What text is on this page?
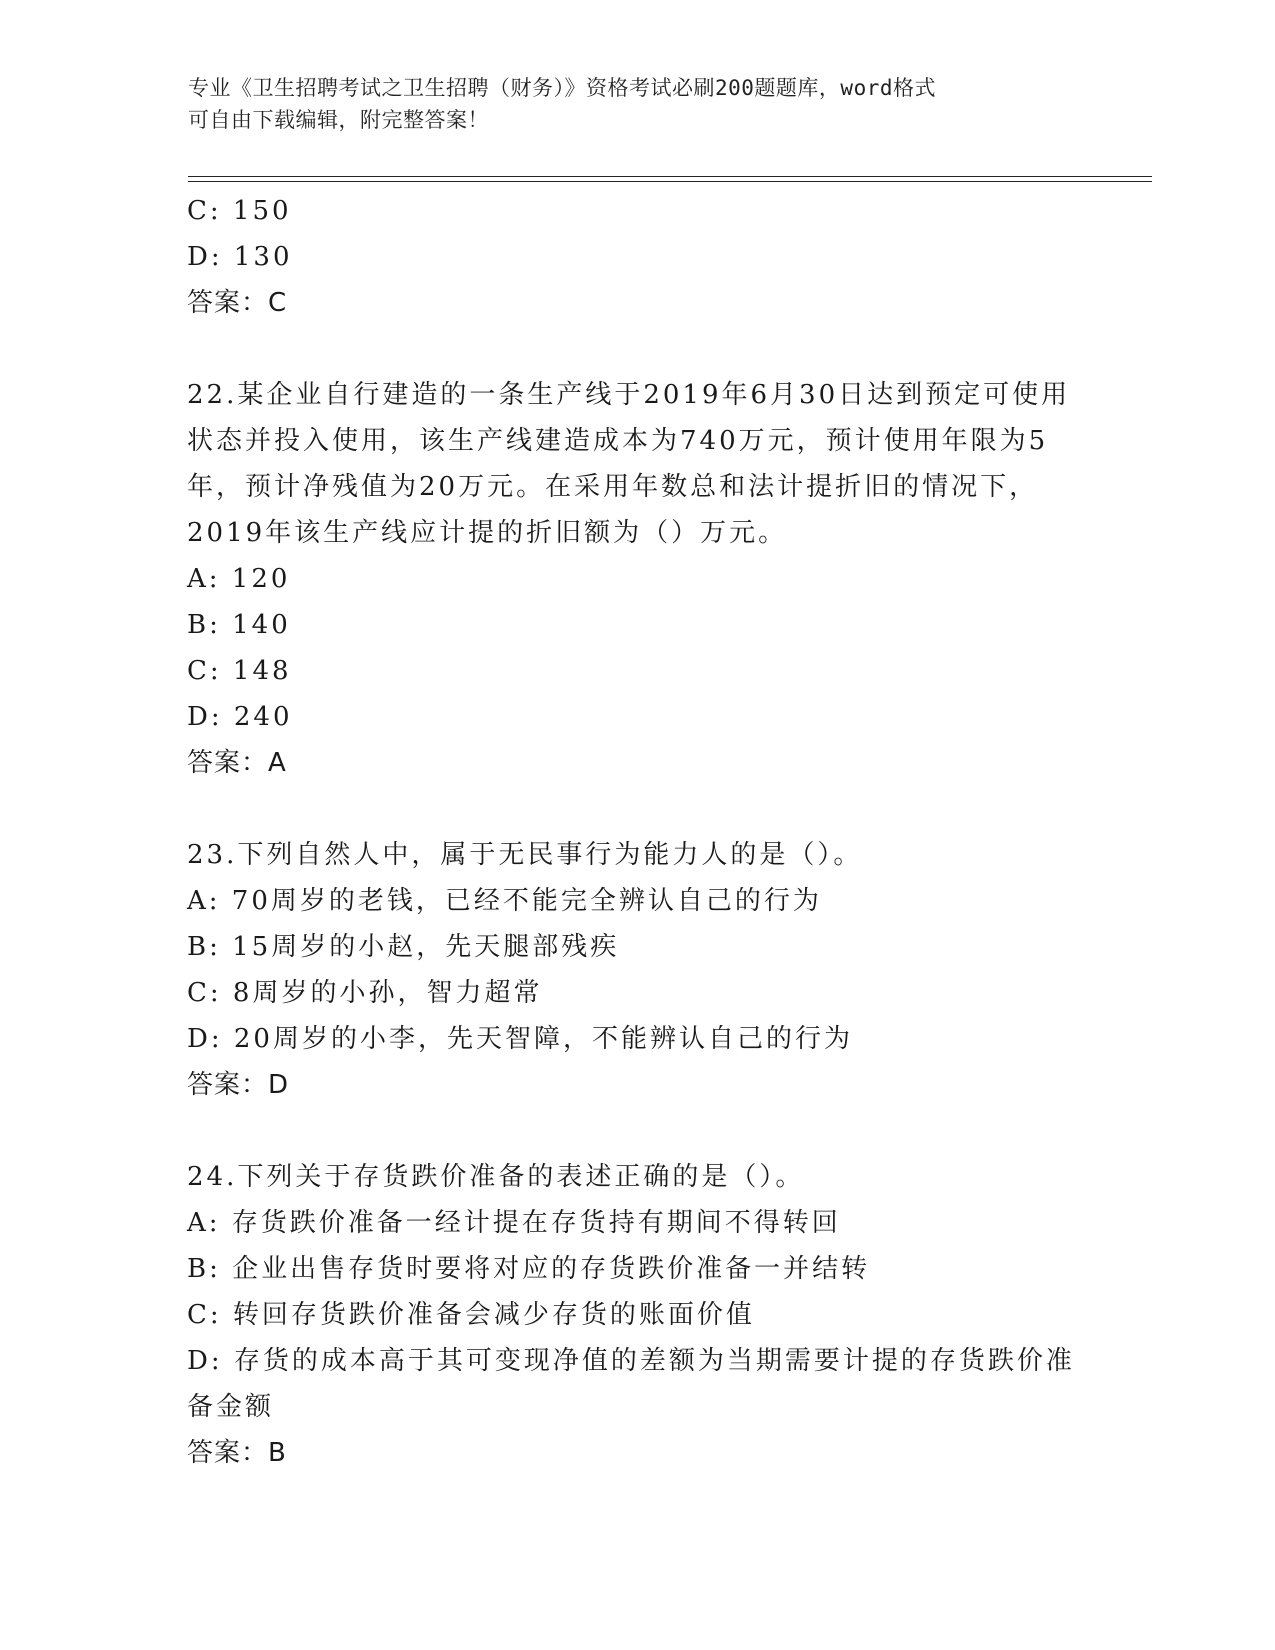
专业《卫生招聘考试之卫生招聘（财务）》资格考试必刷200题题库，word格式
可自由下载编辑，附完整答案！
C: 150
D: 130
答案：C
22.某企业自行建造的一条生产线于2019年6月30日达到预定可使用
状态并投入使用，该生产线建造成本为740万元，预计使用年限为5
年，预计净残值为20万元。在采用年数总和法计提折旧的情况下，
2019年该生产线应计提的折旧额为（）万元。
A: 120
B: 140
C: 148
D: 240
答案：A
23.下列自然人中，属于无民事行为能力人的是（）。
A: 70周岁的老钱，已经不能完全辨认自己的行为
B: 15周岁的小赵，先天腿部残疾
C: 8周岁的小孙，智力超常
D: 20周岁的小李，先天智障，不能辨认自己的行为
答案：D
24.下列关于存货跌价准备的表述正确的是（）。
A: 存货跌价准备一经计提在存货持有期间不得转回
B: 企业出售存货时要将对应的存货跌价准备一并结转
C: 转回存货跌价准备会减少存货的账面价值
D: 存货的成本高于其可变现净值的差额为当期需要计提的存货跌价准
备金额
答案：B
